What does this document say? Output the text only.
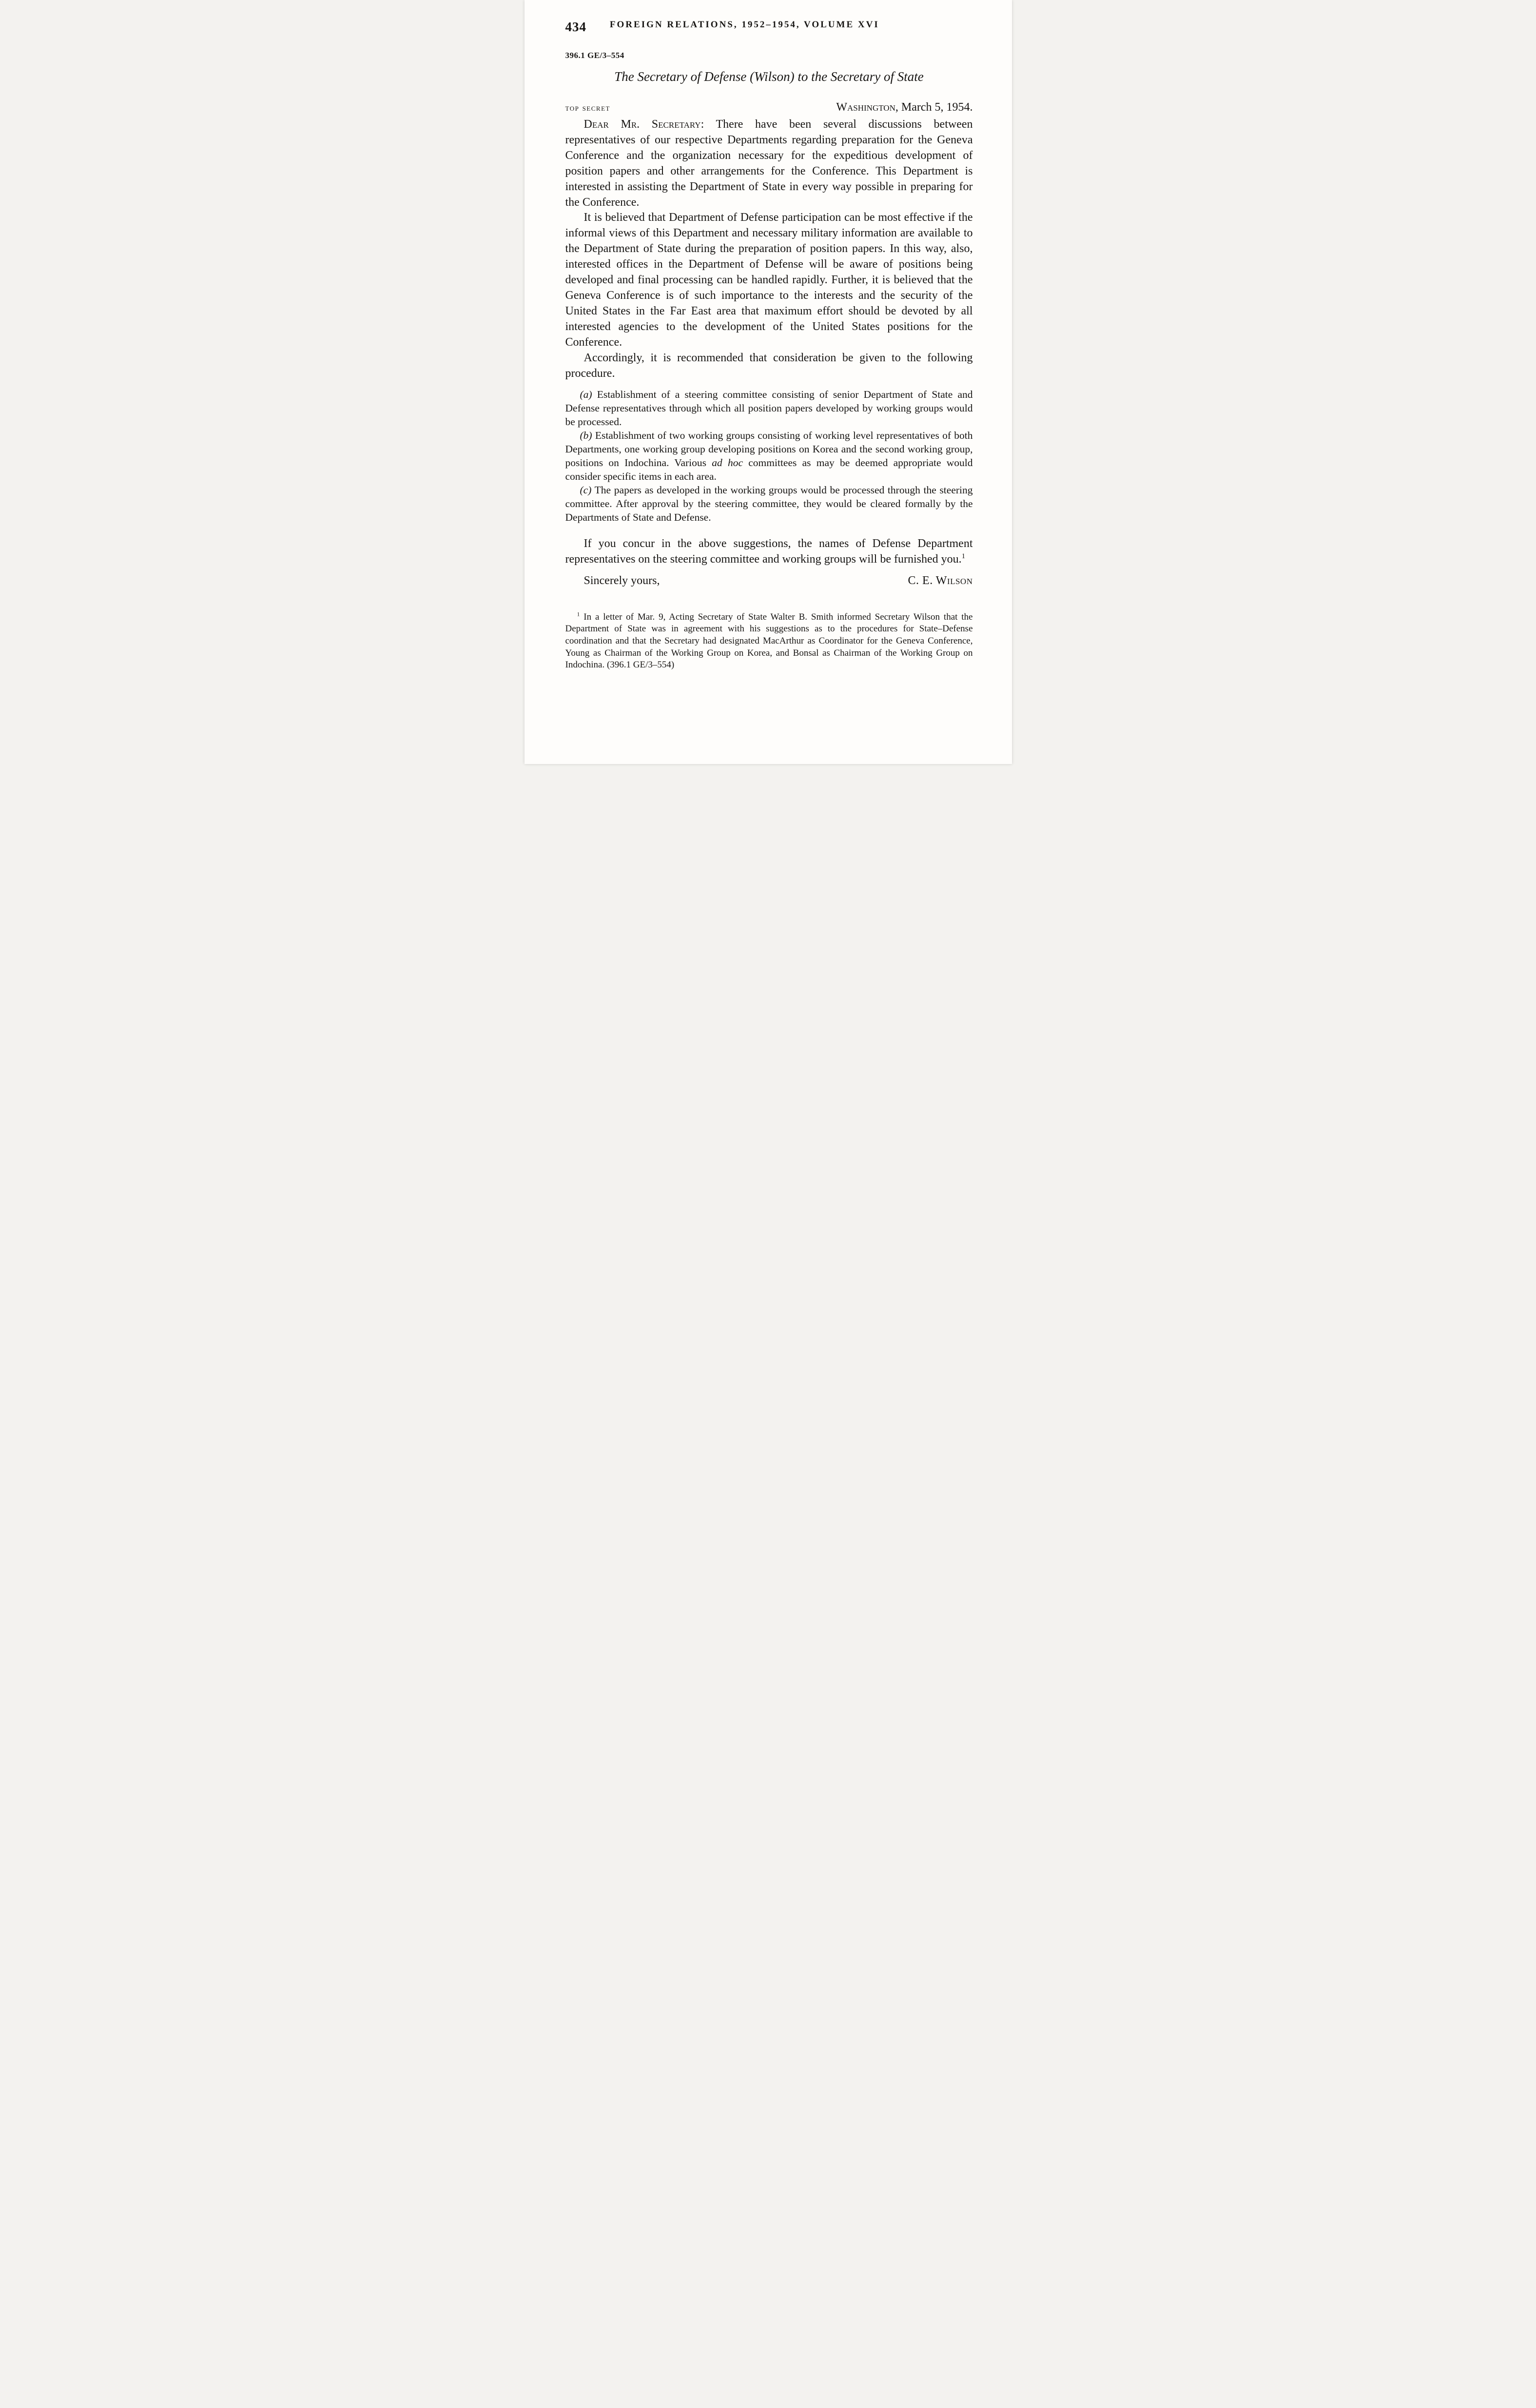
434	FOREIGN RELATIONS, 1952–1954, VOLUME XVI
396.1 GE/3–554
The Secretary of Defense (Wilson) to the Secretary of State
top secret	Washington, March 5, 1954.

Dear Mr. Secretary: There have been several discussions between representatives of our respective Departments regarding preparation for the Geneva Conference and the organization necessary for the expeditious development of position papers and other arrangements for the Conference. This Department is interested in assisting the Department of State in every way possible in preparing for the Conference.

It is believed that Department of Defense participation can be most effective if the informal views of this Department and necessary military information are available to the Department of State during the preparation of position papers. In this way, also, interested offices in the Department of Defense will be aware of positions being developed and final processing can be handled rapidly. Further, it is believed that the Geneva Conference is of such importance to the interests and the security of the United States in the Far East area that maximum effort should be devoted by all interested agencies to the development of the United States positions for the Conference.

Accordingly, it is recommended that consideration be given to the following procedure.

(a) Establishment of a steering committee consisting of senior Department of State and Defense representatives through which all position papers developed by working groups would be processed.

(b) Establishment of two working groups consisting of working level representatives of both Departments, one working group developing positions on Korea and the second working group, positions on Indochina. Various ad hoc committees as may be deemed appropriate would consider specific items in each area.

(c) The papers as developed in the working groups would be processed through the steering committee. After approval by the steering committee, they would be cleared formally by the Departments of State and Defense.

If you concur in the above suggestions, the names of Defense Department representatives on the steering committee and working groups will be furnished you.$^1$

Sincerely yours,	C. E. Wilson

$^1$ In a letter of Mar. 9, Acting Secretary of State Walter B. Smith informed Secretary Wilson that the Department of State was in agreement with his suggestions as to the procedures for State–Defense coordination and that the Secretary had designated MacArthur as Coordinator for the Geneva Conference, Young as Chairman of the Working Group on Korea, and Bonsal as Chairman of the Working Group on Indochina. (396.1 GE/3–554)
